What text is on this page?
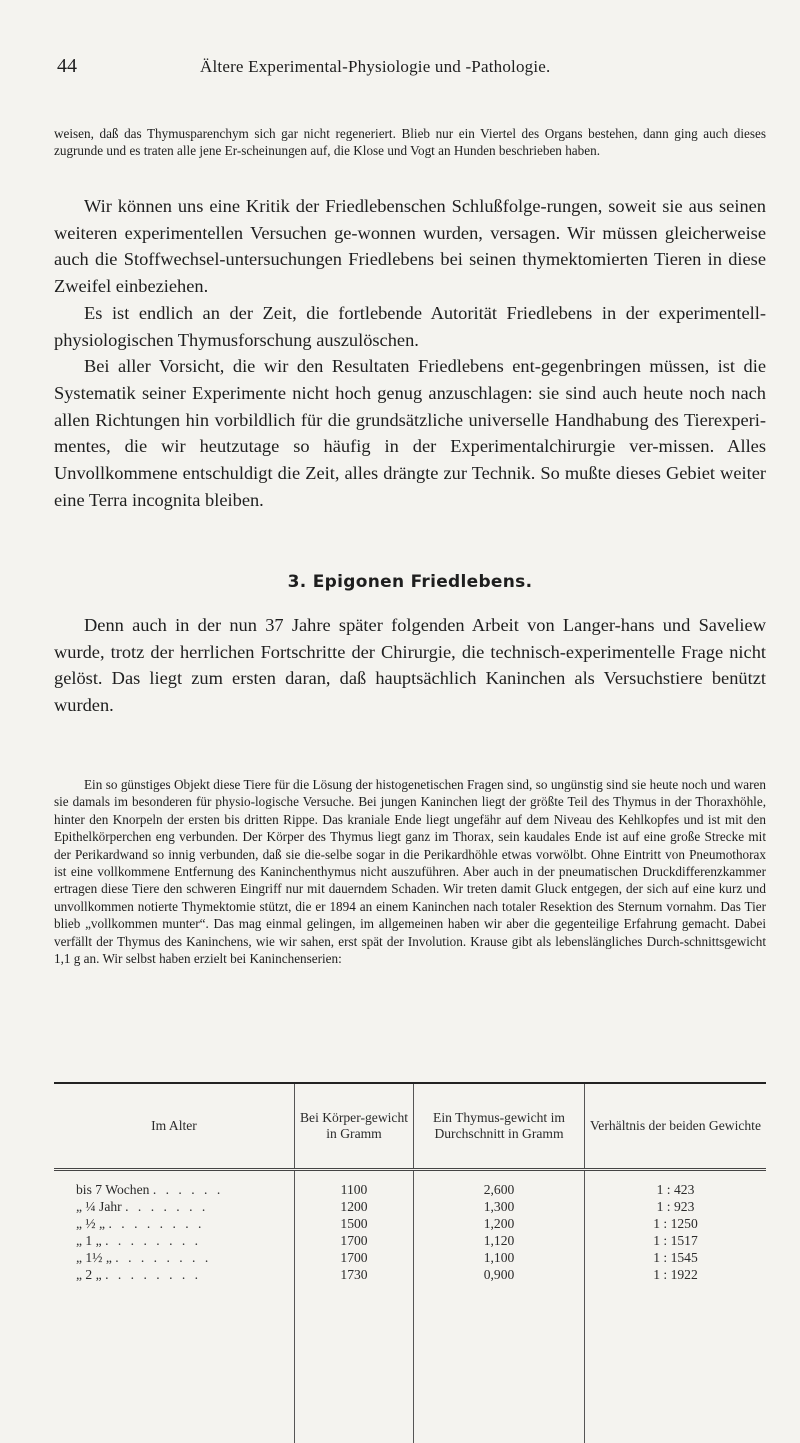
44	Ältere Experimental-Physiologie und -Pathologie.

weisen, daß das Thymusparenchym sich gar nicht regeneriert. Blieb nur ein Viertel des Organs bestehen, dann ging auch dieses zugrunde und es traten alle jene Er-scheinungen auf, die Klose und Vogt an Hunden beschrieben haben.

Wir können uns eine Kritik der Friedlebenschen Schlußfolge-rungen, soweit sie aus seinen weiteren experimentellen Versuchen ge-wonnen wurden, versagen. Wir müssen gleicherweise auch die Stoffwechsel-untersuchungen Friedlebens bei seinen thymektomierten Tieren in diese Zweifel einbeziehen.

Es ist endlich an der Zeit, die fortlebende Autorität Friedlebens in der experimentell-physiologischen Thymusforschung auszulöschen.

Bei aller Vorsicht, die wir den Resultaten Friedlebens ent-gegenbringen müssen, ist die Systematik seiner Experimente nicht hoch genug anzuschlagen: sie sind auch heute noch nach allen Richtungen hin vorbildlich für die grundsätzliche universelle Handhabung des Tierexperi-mentes, die wir heutzutage so häufig in der Experimentalchirurgie ver-missen. Alles Unvollkommene entschuldigt die Zeit, alles drängte zur Technik. So mußte dieses Gebiet weiter eine Terra incognita bleiben.

3. Epigonen Friedlebens.

Denn auch in der nun 37 Jahre später folgenden Arbeit von Langer-hans und Saveliew wurde, trotz der herrlichen Fortschritte der Chirurgie, die technisch-experimentelle Frage nicht gelöst. Das liegt zum ersten daran, daß hauptsächlich Kaninchen als Versuchstiere benützt wurden.

Ein so günstiges Objekt diese Tiere für die Lösung der histogenetischen Fragen sind, so ungünstig sind sie heute noch und waren sie damals im besonderen für physio-logische Versuche. Bei jungen Kaninchen liegt der größte Teil des Thymus in der Thoraxhöhle, hinter den Knorpeln der ersten bis dritten Rippe. Das kraniale Ende liegt ungefähr auf dem Niveau des Kehlkopfes und ist mit den Epithelkörperchen eng verbunden. Der Körper des Thymus liegt ganz im Thorax, sein kaudales Ende ist auf eine große Strecke mit der Perikardwand so innig verbunden, daß sie die-selbe sogar in die Perikardhöhle etwas vorwölbt. Ohne Eintritt von Pneumothorax ist eine vollkommene Entfernung des Kaninchenthymus nicht auszuführen. Aber auch in der pneumatischen Druckdifferenzkammer ertragen diese Tiere den schweren Eingriff nur mit dauerndem Schaden. Wir treten damit Gluck entgegen, der sich auf eine kurz und unvollkommen notierte Thymektomie stützt, die er 1894 an einem Kaninchen nach totaler Resektion des Sternum vornahm. Das Tier blieb „vollkommen munter“. Das mag einmal gelingen, im allgemeinen haben wir aber die gegenteilige Erfahrung gemacht. Dabei verfällt der Thymus des Kaninchens, wie wir sahen, erst spät der Involution. Krause gibt als lebenslängliches Durch-schnittsgewicht 1,1 g an. Wir selbst haben erzielt bei Kaninchenserien:

Im Alter	Bei Körper-gewicht in Gramm	Ein Thymus-gewicht im Durchschnitt in Gramm	Verhältnis der beiden Gewichte
bis 7 Wochen . . . . . .	1100	2,600	1 : 423
„ ¼ Jahr . . . . . . .	1200	1,300	1 : 923
„ ½ „ . . . . . . . .	1500	1,200	1 : 1250
„ 1 „ . . . . . . . .	1700	1,120	1 : 1517
„ 1½ „ . . . . . . . .	1700	1,100	1 : 1545
„ 2 „ . . . . . . . .	1730	0,900	1 : 1922
